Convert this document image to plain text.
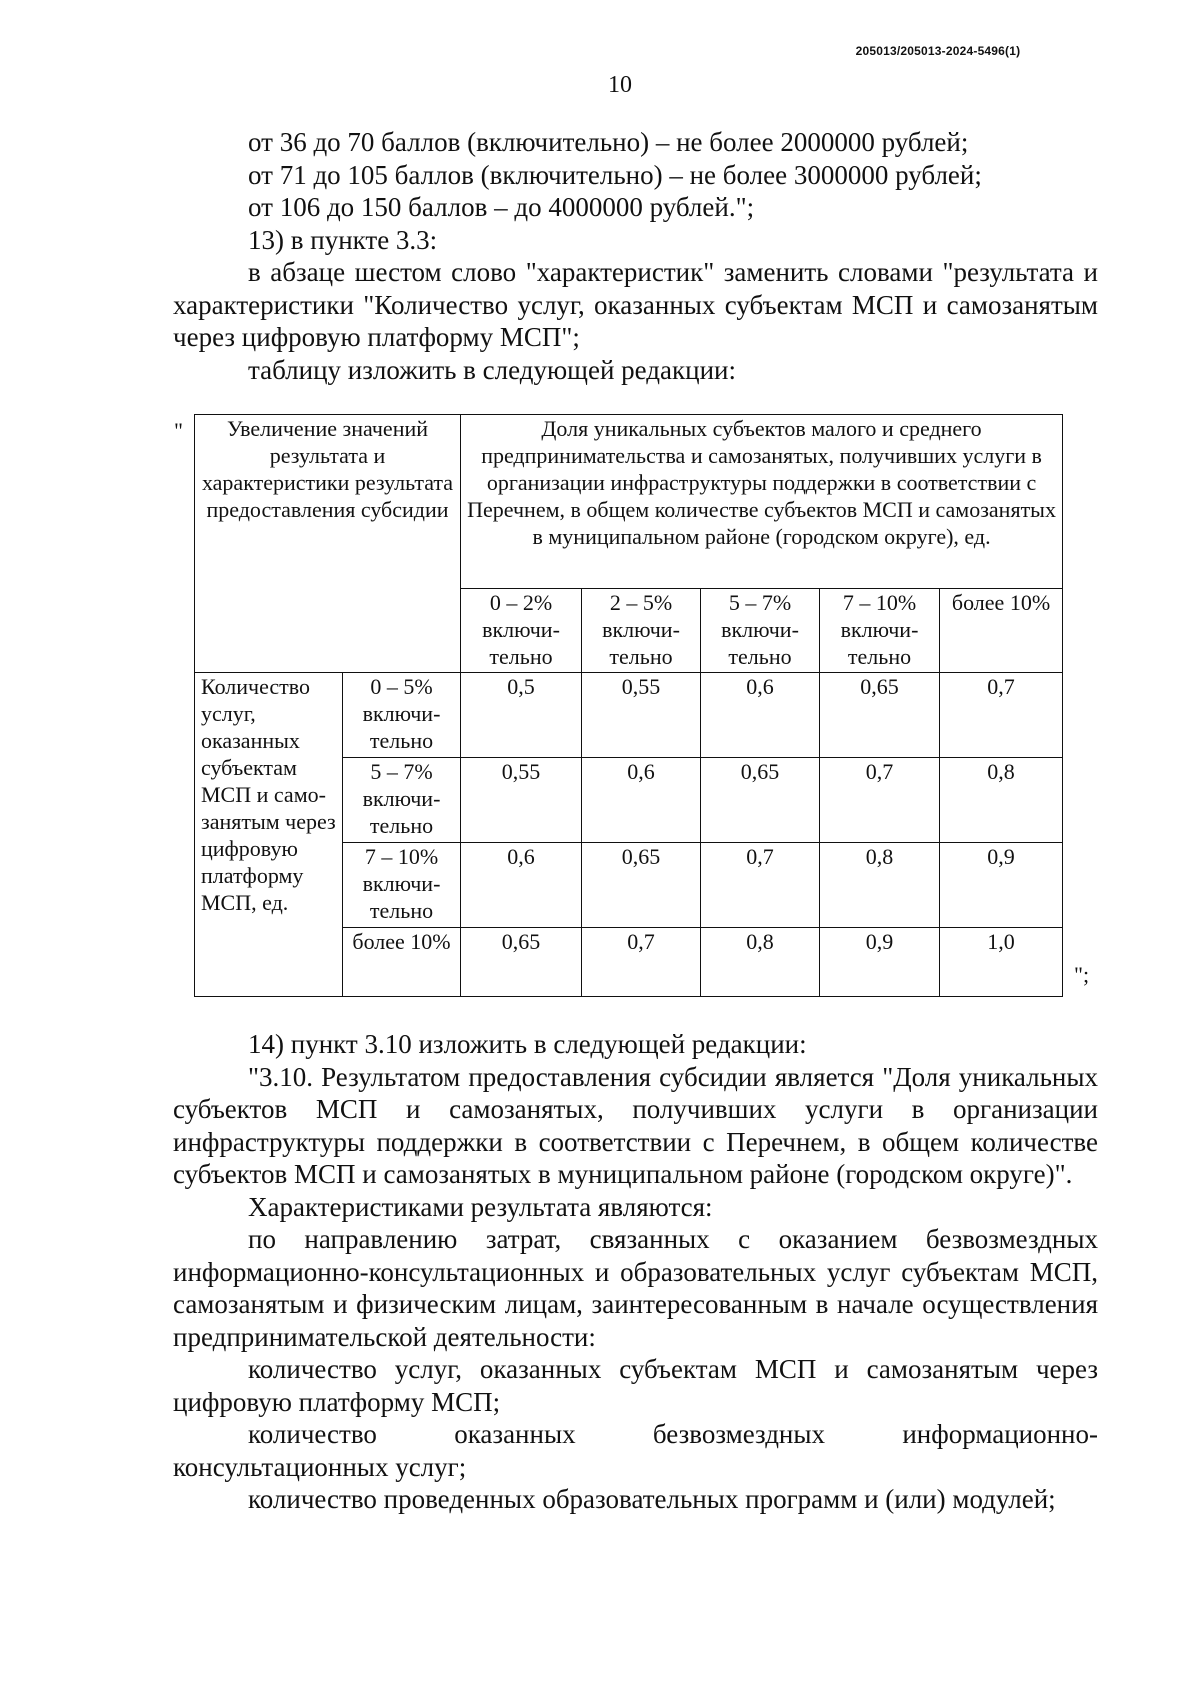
205013/205013-2024-5496(1)
10

от 36 до 70 баллов (включительно) – не более 2000000 рублей;

от 71 до 105 баллов (включительно) – не более 3000000 рублей;

от 106 до 150 баллов – до 4000000 рублей.";

13) в пункте 3.3:

в абзаце шестом слово "характеристик" заменить словами "результата и характеристики "Количество услуг, оказанных субъектам МСП и самозанятым через цифровую платформу МСП";

таблицу изложить в следующей редакции:

" Увеличение значений результата и характеристики результата предоставления субсидии		Доля уникальных субъектов малого и среднего предпринимательства и самозанятых, получивших услуги в организации инфраструктуры поддержки в соответствии с Перечнем, в общем количестве субъектов МСП и самозанятых в муниципальном районе (городском округе), ед.				
		0 – 2% включи-тельно	2 – 5% включи-тельно	5 – 7% включи-тельно	7 – 10% включи-тельно	более 10%
Количество услуг, оказанных субъектам МСП и само-занятым через цифровую платформу МСП, ед.	0 – 5% включи-тельно	0,5	0,55	0,6	0,65	0,7
	5 – 7% включи-тельно	0,55	0,6	0,65	0,7	0,8
	7 – 10% включи-тельно	0,6	0,65	0,7	0,8	0,9
	более 10%	0,65	0,7	0,8	0,9	1,0
";

14) пункт 3.10 изложить в следующей редакции:

"3.10. Результатом предоставления субсидии является "Доля уникальных субъектов МСП и самозанятых, получивших услуги в организации инфраструктуры поддержки в соответствии с Перечнем, в общем количестве субъектов МСП и самозанятых в муниципальном районе (городском округе)".

Характеристиками результата являются:

по направлению затрат, связанных с оказанием безвозмездных информационно-консультационных и образовательных услуг субъектам МСП, самозанятым и физическим лицам, заинтересованным в начале осуществления предпринимательской деятельности:

количество услуг, оказанных субъектам МСП и самозанятым через цифровую платформу МСП;

количество оказанных безвозмездных информационно-консультационных услуг;

количество проведенных образовательных программ и (или) модулей;
